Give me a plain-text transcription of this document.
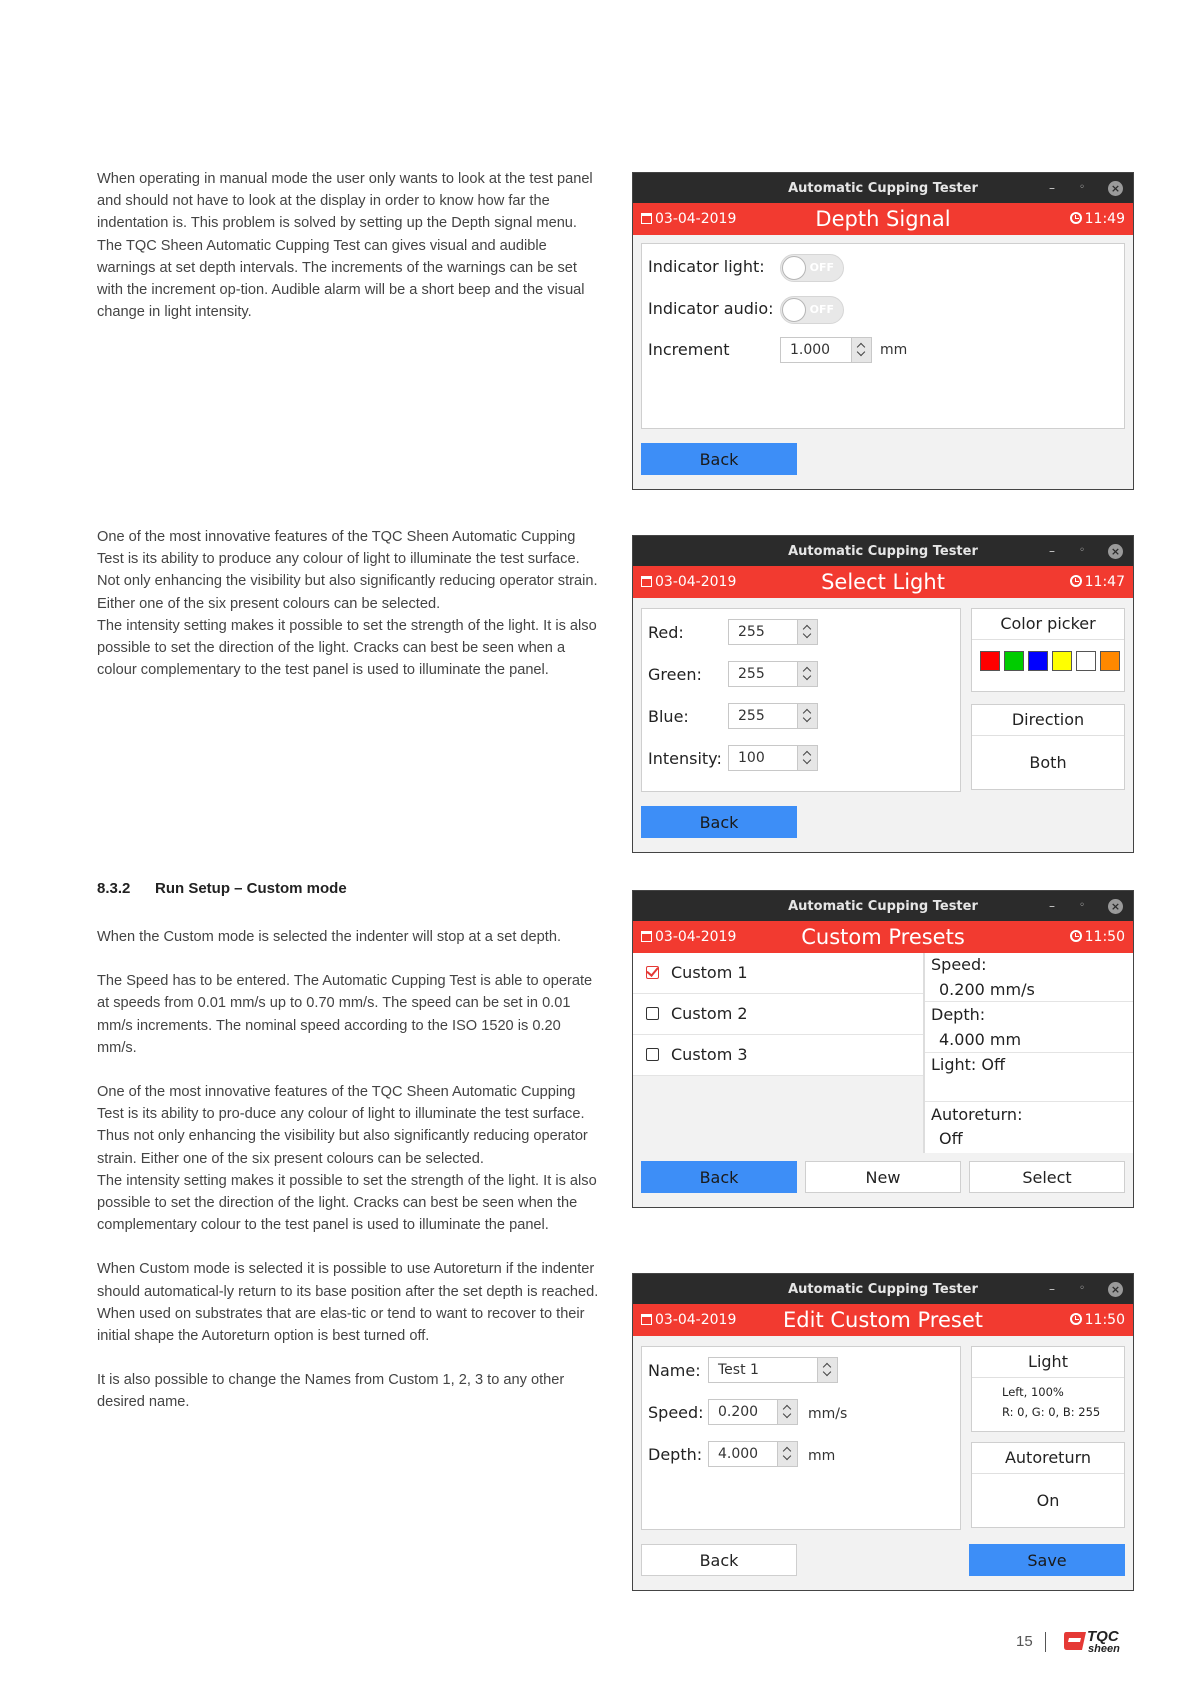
When operating in manual mode the user only wants to look at the test panel and should not have to look at the display in order to know how far the indentation is. This problem is solved by setting up the Depth signal menu. The TQC Sheen Automatic Cupping Test can gives visual and audible warnings at set depth intervals. The increments of the warnings can be set with the increment op-tion. Audible alarm will be a short beep and the visual change in light intensity.

One of the most innovative features of the TQC Sheen Automatic Cupping Test is its ability to produce any colour of light to illuminate the test surface. Not only enhancing the visibility but also significantly reducing operator strain. Either one of the six present colours can be selected.

The intensity setting makes it possible to set the strength of the light. It is also possible to set the direction of the light. Cracks can best be seen when a colour complementary to the test panel is used to illuminate the panel.

8.3.2 Run Setup – Custom mode

When the Custom mode is selected the indenter will stop at a set depth.

The Speed has to be entered. The Automatic Cupping Test is able to operate at speeds from 0.01 mm/s up to 0.70 mm/s. The speed can be set in 0.01 mm/s increments. The nominal speed according to the ISO 1520 is 0.20 mm/s.

One of the most innovative features of the TQC Sheen Automatic Cupping Test is its ability to pro-duce any colour of light to illuminate the test surface. Thus not only enhancing the visibility but also significantly reducing operator strain. Either one of the six present colours can be selected.

The intensity setting makes it possible to set the strength of the light. It is also possible to set the direction of the light. Cracks can best be seen when the complementary colour to the test panel is used to illuminate the panel.

When Custom mode is selected it is possible to use Autoreturn if the indenter should automatical-ly return to its base position after the set depth is reached. When used on substrates that are elas-tic or tend to want to recover to their initial shape the Autoreturn option is best turned off.

It is also possible to change the Names from Custom 1, 2, 3 to any other desired name.

Automatic Cupping Tester	– ◦ ×
03-04-2019	Depth Signal	11:49
Indicator light:	OFF
Indicator audio:	OFF
Increment	1.000	mm
Back
Automatic Cupping Tester	– ◦ ×
03-04-2019	Select Light	11:47
Red:	255
Green:	255
Blue:	255
Intensity: 100
Color picker
Direction
Both
Back
Automatic Cupping Tester	– ◦ ×
03-04-2019	Custom Presets	11:50
Custom 1
Custom 2
Custom 3
Speed:
0.200 mm/s
Depth:
4.000 mm
Light: Off
Autoreturn:
Off
Back	New	Select
Automatic Cupping Tester	– ◦ ×
03-04-2019	Edit Custom Preset	11:50
Name: Test 1
Speed: 0.200	mm/s
Depth: 4.000	mm
Light
Left, 100%
R: 0, G: 0, B: 255
Autoreturn
On
Back	Save
15	TQC
sheen
